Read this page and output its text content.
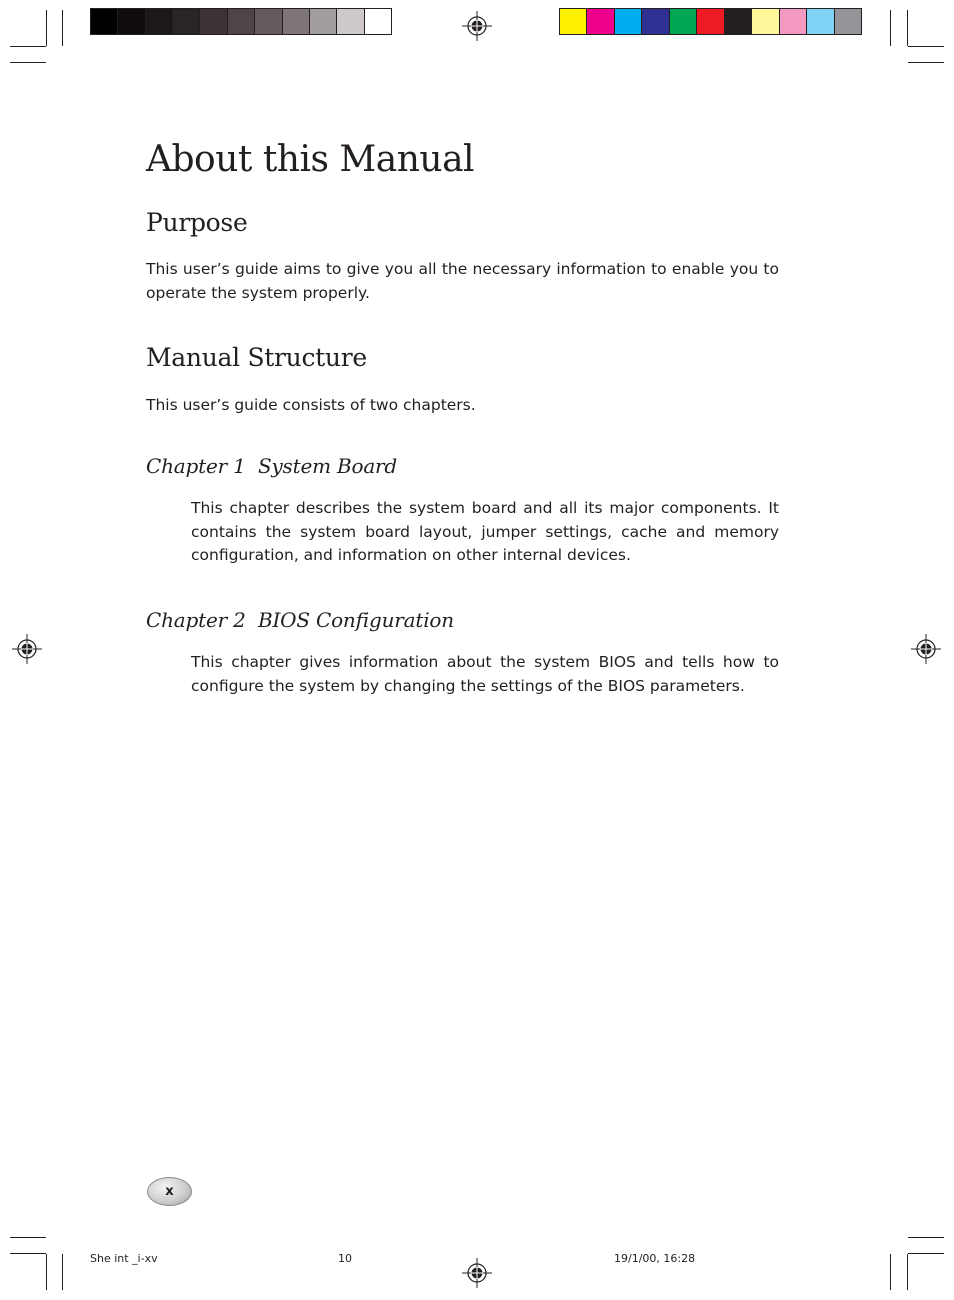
About this Manual
Purpose

This user’s guide aims to give you all the necessary information to enable you to operate the system properly.

Manual Structure

This user’s guide consists of two chapters.

Chapter 1  System Board

This chapter describes the system board and all its major components. It contains the system board layout, jumper settings, cache and memory configuration, and information on other internal devices.

Chapter 2  BIOS Configuration

This chapter gives information about the system BIOS and tells how to configure the system by changing the settings of the BIOS parameters.

x
She int _i-xv	10	19/1/00, 16:28
